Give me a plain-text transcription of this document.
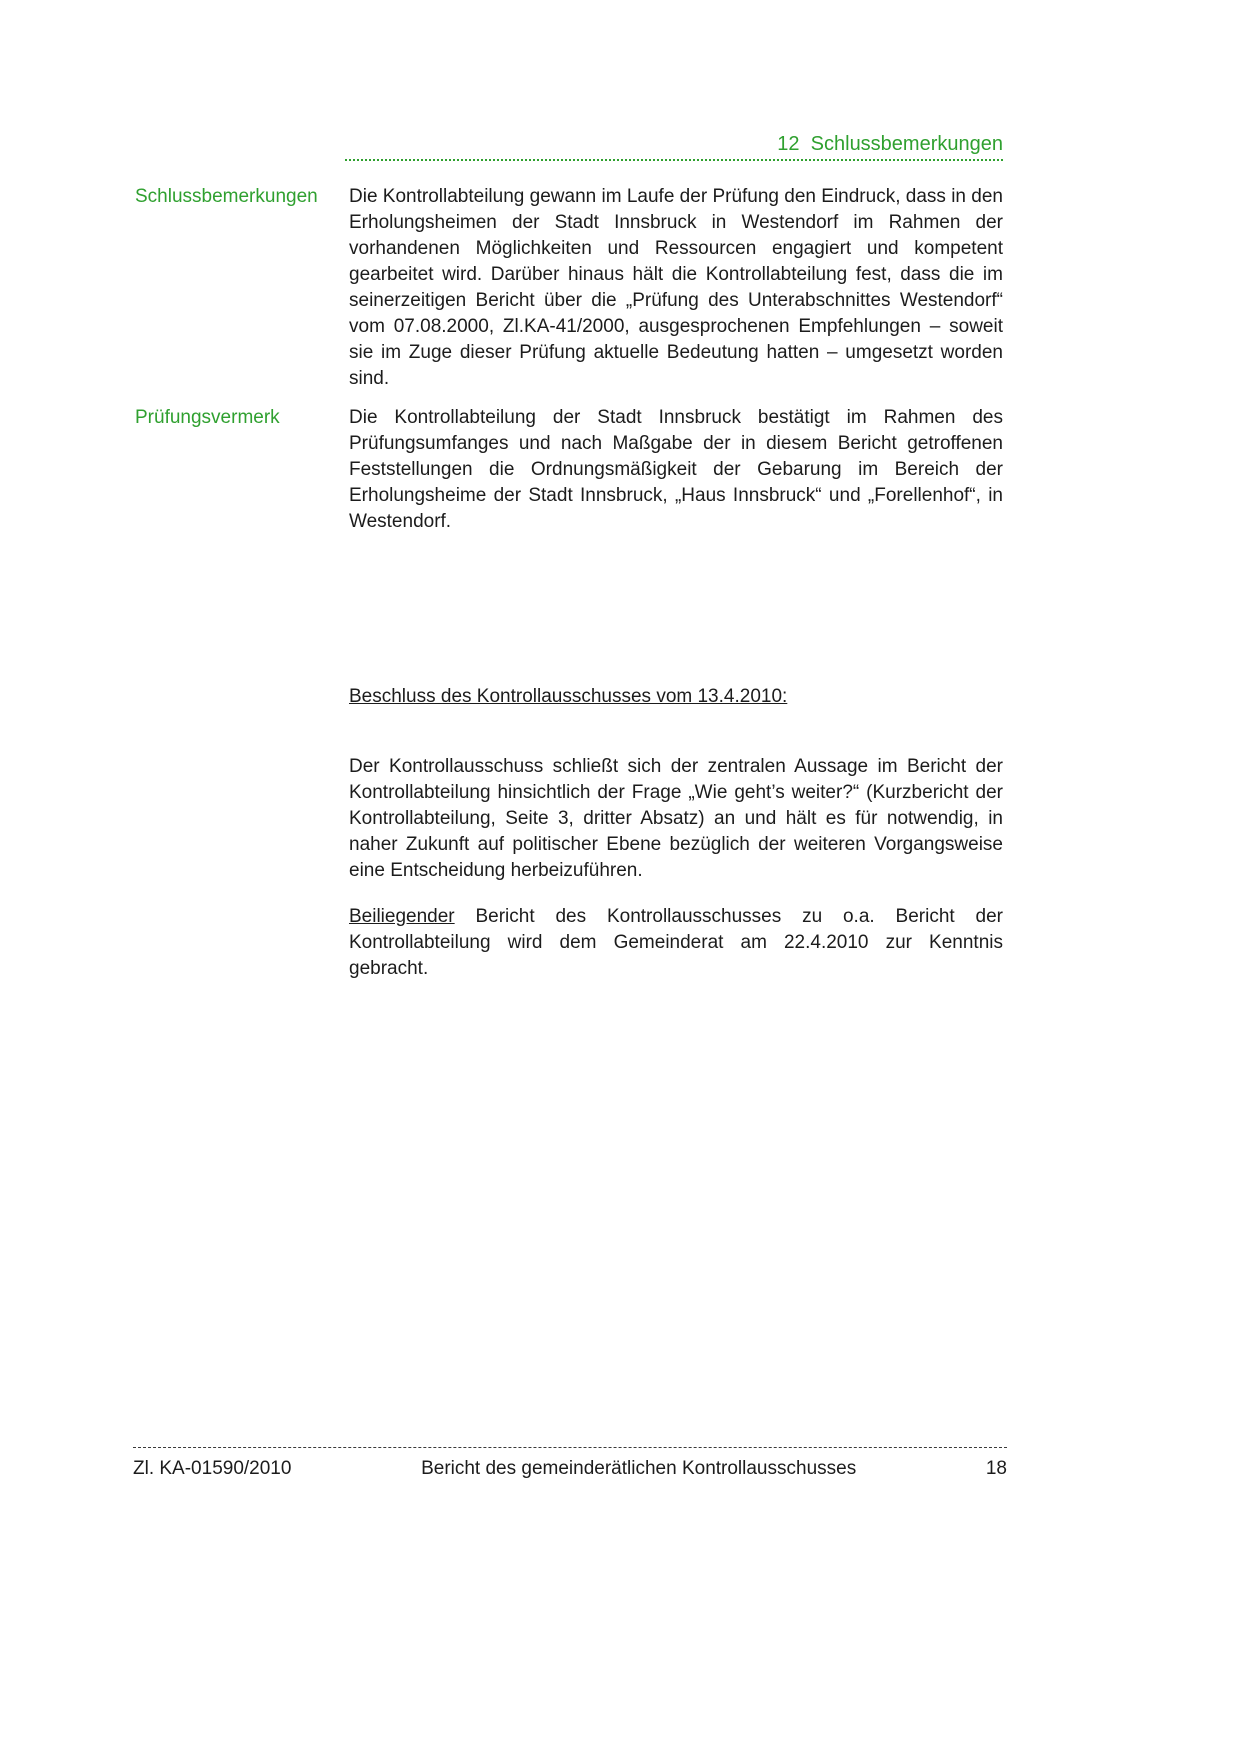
12  Schlussbemerkungen
Schlussbemerkungen	Die Kontrollabteilung gewann im Laufe der Prüfung den Eindruck, dass in den Erholungsheimen der Stadt Innsbruck in Westendorf im Rahmen der vorhandenen Möglichkeiten und Ressourcen engagiert und kompetent gearbeitet wird. Darüber hinaus hält die Kontrollabteilung fest, dass die im seinerzeitigen Bericht über die „Prüfung des Unterabschnittes Westendorf“ vom 07.08.2000, Zl.KA-41/2000, ausgesprochenen Empfehlungen – soweit sie im Zuge dieser Prüfung aktuelle Bedeutung hatten – umgesetzt worden sind.
Prüfungsvermerk	Die Kontrollabteilung der Stadt Innsbruck bestätigt im Rahmen des Prüfungsumfanges und nach Maßgabe der in diesem Bericht getroffenen Feststellungen die Ordnungsmäßigkeit der Gebarung im Bereich der Erholungsheime der Stadt Innsbruck, „Haus Innsbruck“ und „Forellenhof“, in Westendorf.
Beschluss des Kontrollausschusses vom 13.4.2010:
Der Kontrollausschuss schließt sich der zentralen Aussage im Bericht der Kontrollabteilung hinsichtlich der Frage „Wie geht’s weiter?“ (Kurzbericht der Kontrollabteilung, Seite 3, dritter Absatz) an und hält es für notwendig, in naher Zukunft auf politischer Ebene bezüglich der weiteren Vorgangsweise eine Entscheidung herbeizuführen.
Beiliegender Bericht des Kontrollausschusses zu o.a. Bericht der Kontrollabteilung wird dem Gemeinderat am 22.4.2010 zur Kenntnis gebracht.
Zl. KA-01590/2010	Bericht des gemeinderätlichen Kontrollausschusses	18
